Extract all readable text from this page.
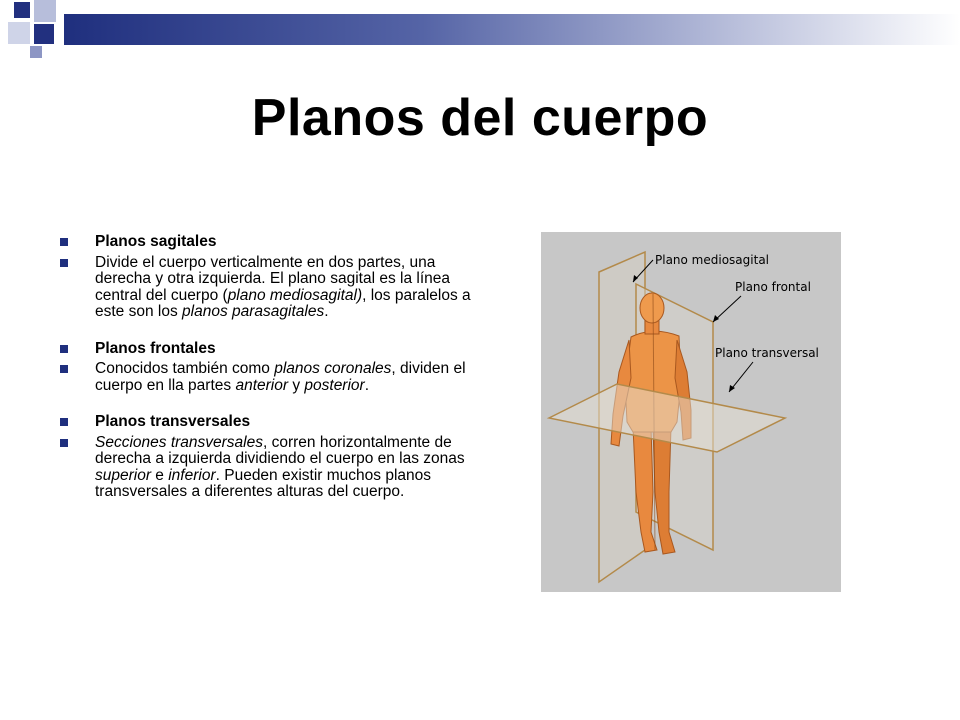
Planos del cuerpo
Planos sagitales
Divide el cuerpo verticalmente en dos partes, una derecha y otra izquierda. El plano sagital es la línea central del cuerpo (plano mediosagital), los paralelos a este son los planos parasagitales.
Planos frontales
Conocidos también como planos coronales, dividen el cuerpo en lla partes anterior y posterior.
Planos transversales
Secciones transversales, corren horizontalmente de derecha a izquierda dividiendo el cuerpo en las zonas superior e inferior. Pueden existir muchos planos transversales a diferentes alturas del cuerpo.
Plano mediosagital
Plano frontal
Plano transversal
